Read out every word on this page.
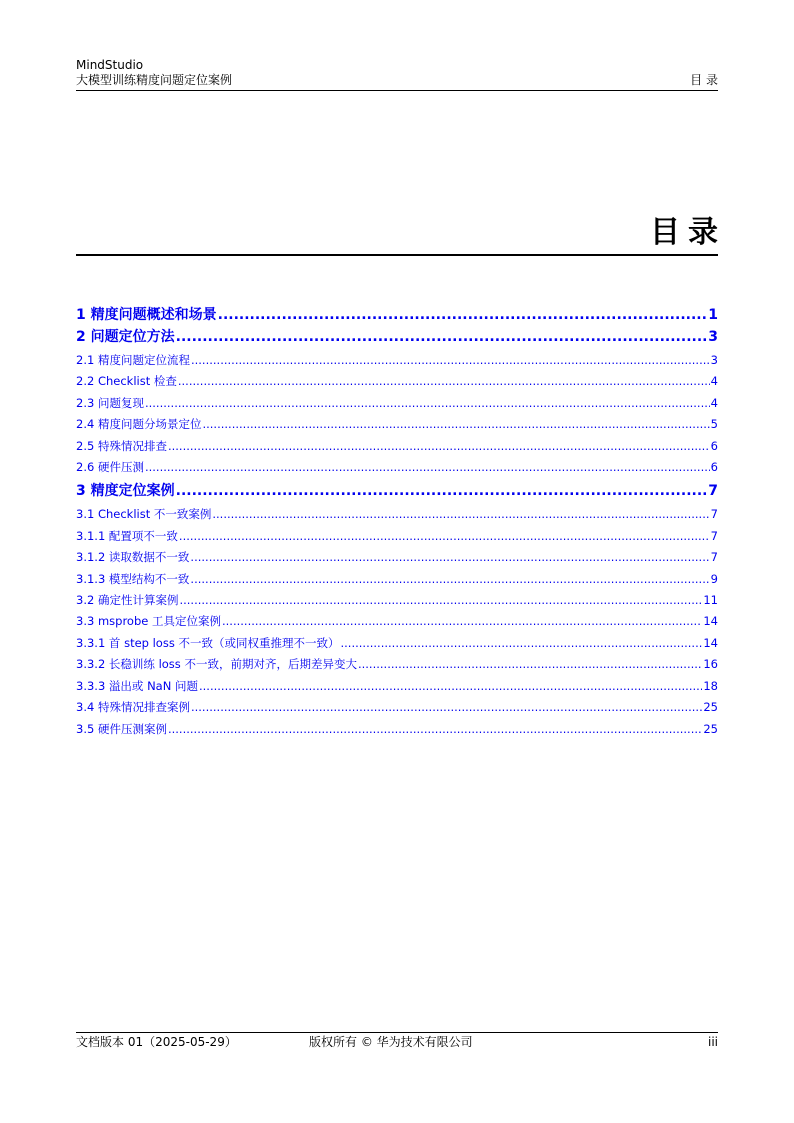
MindStudio
大模型训练精度问题定位案例	目 录
目录
1 精度问题概述和场景 .....	1
2 问题定位方法 .....	3
2.1 精度问题定位流程 .....	3
2.2 Checklist 检查 .....	4
2.3 问题复现 .....	4
2.4 精度问题分场景定位 .....	5
2.5 特殊情况排查 .....	6
2.6 硬件压测 .....	6
3 精度定位案例 .....	7
3.1 Checklist 不一致案例 .....	7
3.1.1 配置项不一致 .....	7
3.1.2 读取数据不一致 .....	7
3.1.3 模型结构不一致 .....	9
3.2 确定性计算案例 .....	11
3.3 msprobe 工具定位案例 .....	14
3.3.1 首 step loss 不一致（或同权重推理不一致） .....	14
3.3.2 长稳训练 loss 不一致，前期对齐，后期差异变大 .....	16
3.3.3 溢出或 NaN 问题 .....	18
3.4 特殊情况排查案例 .....	25
3.5 硬件压测案例 .....	25
文档版本 01（2025-05-29）	版权所有 © 华为技术有限公司	iii
